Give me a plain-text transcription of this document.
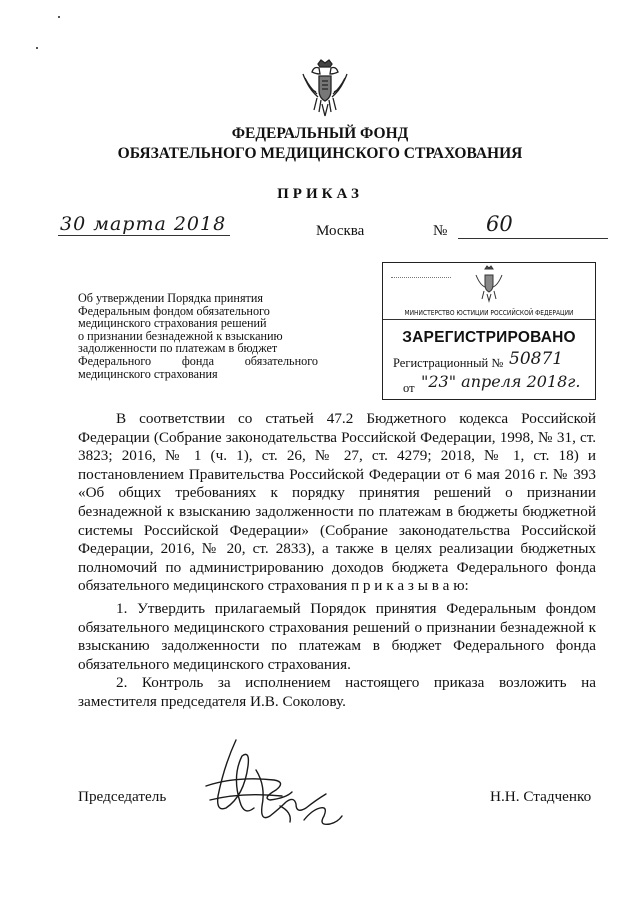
ФЕДЕРАЛЬНЫЙ ФОНД
ОБЯЗАТЕЛЬНОГО МЕДИЦИНСКОГО СТРАХОВАНИЯ
ПРИКАЗ
30 марта 2018	Москва	№ 60
Об утверждении Порядка принятия
Федеральным фондом обязательного
медицинского страхования решений
о признании безнадежной к взысканию
задолженности по платежам в бюджет
Федерального фонда обязательного
медицинского страхования
МИНИСТЕРСТВО ЮСТИЦИИ РОССИЙСКОЙ ФЕДЕРАЦИИ
ЗАРЕГИСТРИРОВАНО
Регистрационный № 50871
от "23" апреля 2018г.
В соответствии со статьей 47.2 Бюджетного кодекса Российской
Федерации (Собрание законодательства Российской Федерации, 1998, № 31, ст.
3823; 2016, № 1 (ч. 1), ст. 26, № 27, ст. 4279; 2018, № 1, ст. 18) и
постановлением Правительства Российской Федерации от 6 мая 2016 г. № 393
«Об общих требованиях к порядку принятия решений о признании
безнадежной к взысканию задолженности по платежам в бюджеты бюджетной
системы Российской Федерации» (Собрание законодательства Российской
Федерации, 2016, № 20, ст. 2833), а также в целях реализации бюджетных
полномочий по администрированию доходов бюджета Федерального фонда
обязательного медицинского страхования п р и к а з ы в а ю:
1. Утвердить прилагаемый Порядок принятия Федеральным фондом
обязательного медицинского страхования решений о признании безнадежной к
взысканию задолженности по платежам в бюджет Федерального фонда
обязательного медицинского страхования.
2. Контроль за исполнением настоящего приказа возложить на
заместителя председателя И.В. Соколову.
Председатель	Н.Н. Стадченко
